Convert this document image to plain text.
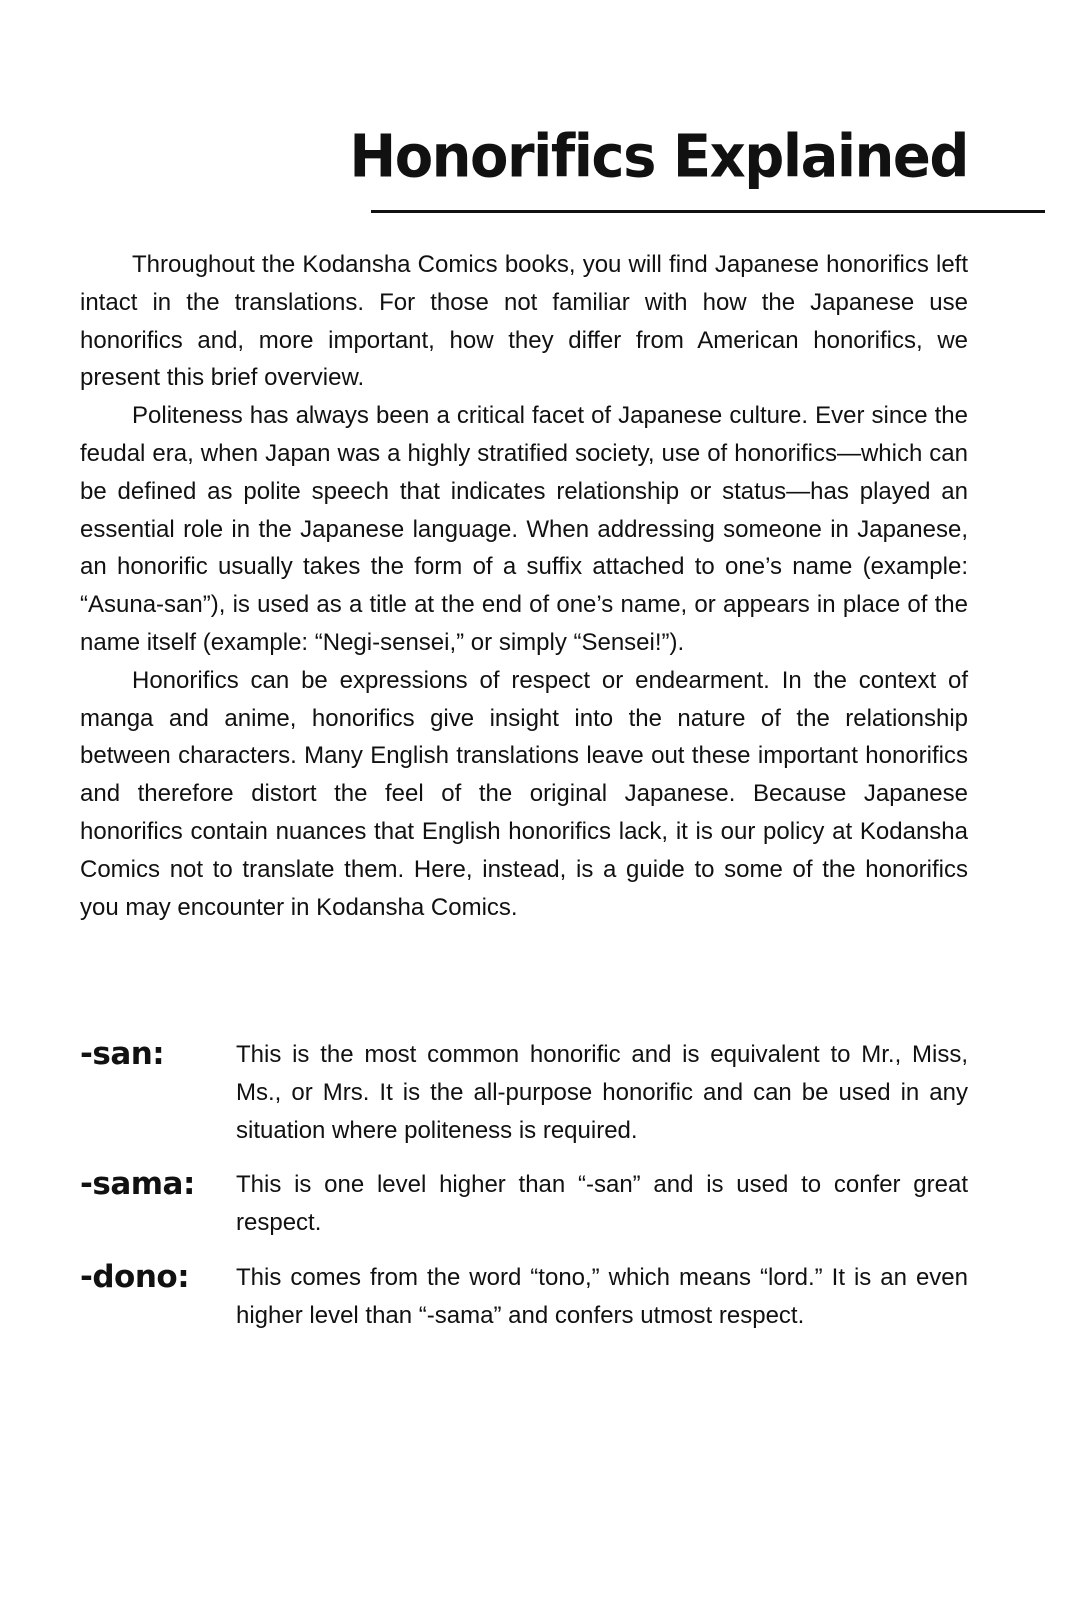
Honorifics Explained

Throughout the Kodansha Comics books, you will find Japanese honorifics left intact in the translations. For those not familiar with how the Japanese use honorifics and, more important, how they differ from American honorifics, we present this brief overview.

Politeness has always been a critical facet of Japanese culture. Ever since the feudal era, when Japan was a highly stratified society, use of honorifics—which can be defined as polite speech that indicates relationship or status—has played an essential role in the Japanese language. When addressing someone in Japanese, an honorific usually takes the form of a suffix attached to one’s name (example: “Asuna-san”), is used as a title at the end of one’s name, or appears in place of the name itself (example: “Negi-sensei,” or simply “Sensei!”).

Honorifics can be expressions of respect or endearment. In the context of manga and anime, honorifics give insight into the nature of the relationship between characters. Many English translations leave out these important honorifics and therefore distort the feel of the original Japanese. Because Japanese honorifics contain nuances that English honorifics lack, it is our policy at Kodansha Comics not to translate them. Here, instead, is a guide to some of the honorifics you may encounter in Kodansha Comics.

-san:	This is the most common honorific and is equivalent to Mr., Miss, Ms., or Mrs. It is the all-purpose honorific and can be used in any situation where politeness is required.
-sama:	This is one level higher than “-san” and is used to confer great respect.
-dono:	This comes from the word “tono,” which means “lord.” It is an even higher level than “-sama” and confers utmost respect.
